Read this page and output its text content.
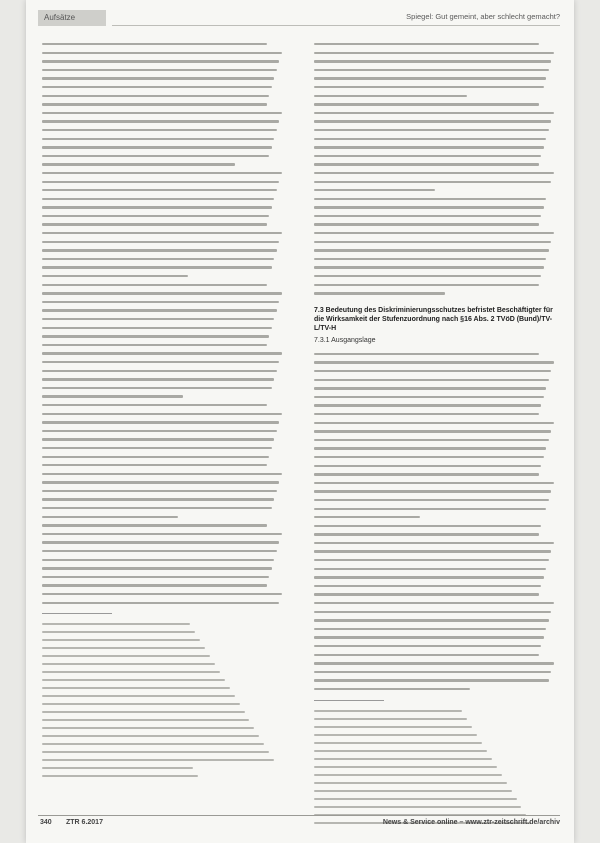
Aufsätze	Spiegel: Gut gemeint, aber schlecht gemacht?
7.3 Bedeutung des Diskriminierungsschutzes befristet Beschäftigter für die Wirksamkeit der Stufenzuordnung nach §16 Abs. 2 TVöD (Bund)/TV-L/TV-H
7.3.1 Ausgangslage
340 ZTR 6.2017	News & Service online – www.ztr-zeitschrift.de/archiv
